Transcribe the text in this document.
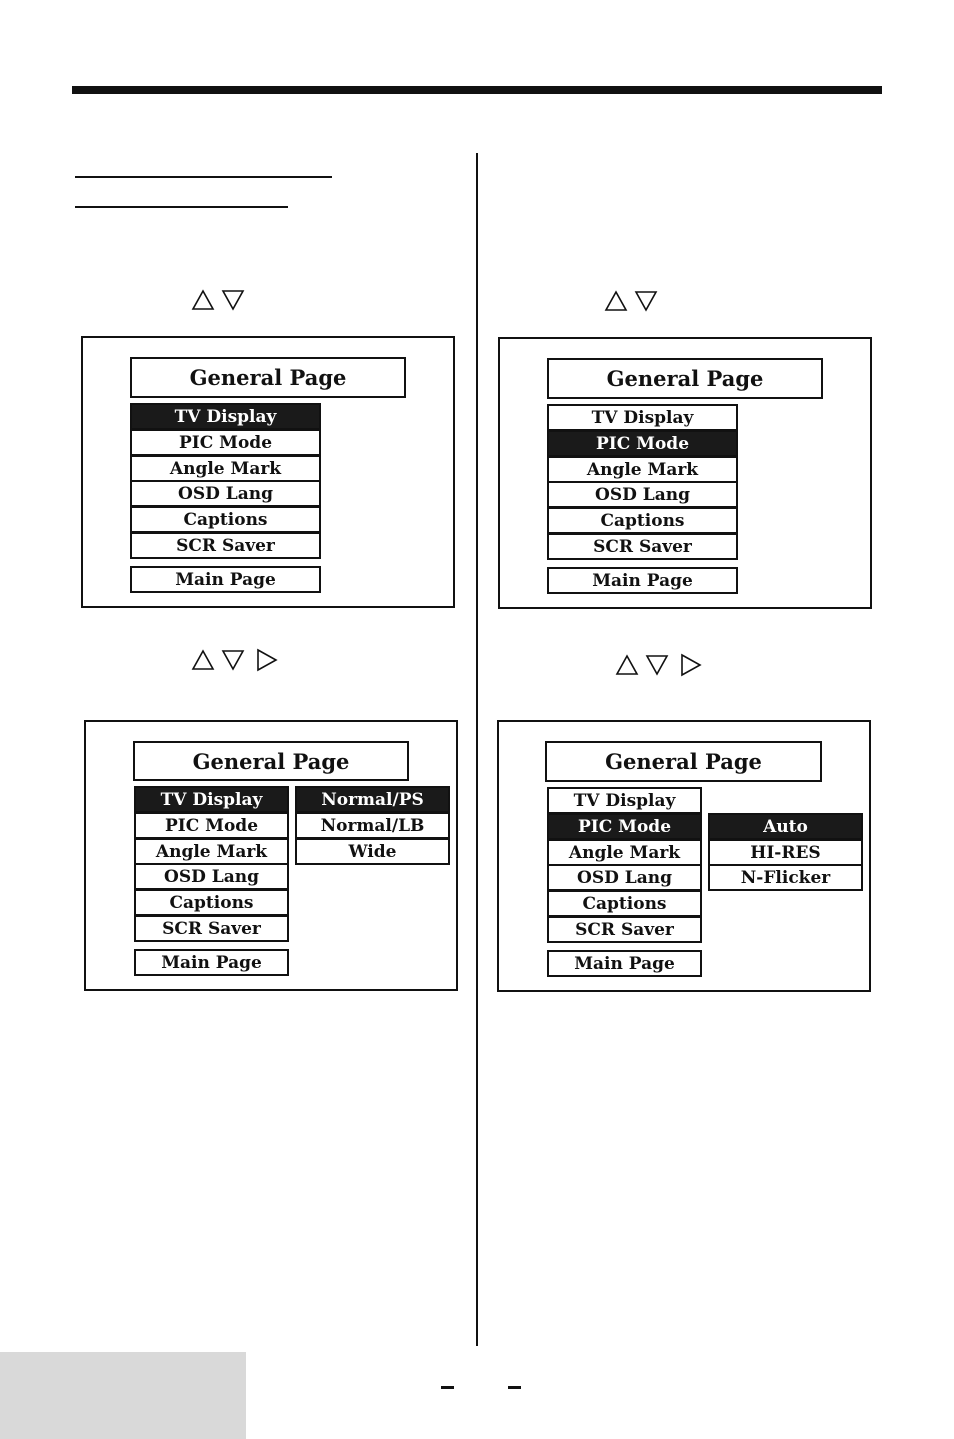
General Page
TV Display
PIC Mode
Angle Mark
OSD Lang
Captions
SCR Saver
Main Page
General Page
TV Display
PIC Mode
Angle Mark
OSD Lang
Captions
SCR Saver
Main Page
General Page
TV Display
PIC Mode
Angle Mark
OSD Lang
Captions
SCR Saver
Main Page
Normal/PS
Normal/LB
Wide
General Page
TV Display
PIC Mode
Angle Mark
OSD Lang
Captions
SCR Saver
Main Page
Auto
HI-RES
N-Flicker
